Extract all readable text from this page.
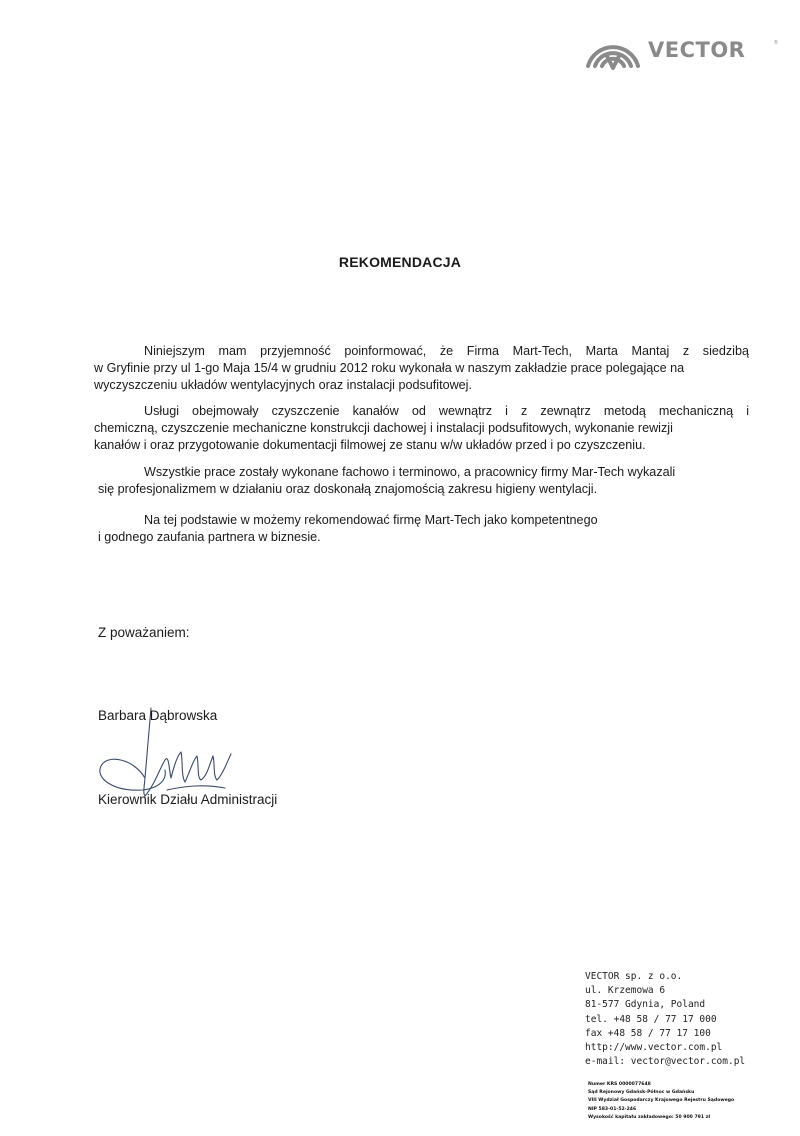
VECTOR	®
REKOMENDACJA
Niniejszym mam przyjemność poinformować, że Firma Mart-Tech, Marta Mantaj z siedzibą
w Gryfinie przy ul 1-go Maja 15/4 w grudniu 2012 roku wykonała w naszym zakładzie prace polegające na
wyczyszczeniu układów wentylacyjnych oraz instalacji podsufitowej.
Usługi obejmowały czyszczenie kanałów od wewnątrz i z zewnątrz metodą mechaniczną i
chemiczną, czyszczenie mechaniczne konstrukcji dachowej i instalacji podsufitowych, wykonanie rewizji
kanałów i oraz przygotowanie dokumentacji filmowej ze stanu w/w układów przed i po czyszczeniu.
Wszystkie prace zostały wykonane fachowo i terminowo, a pracownicy firmy Mar-Tech wykazali
się profesjonalizmem w działaniu oraz doskonałą znajomością zakresu higieny wentylacji.
Na tej podstawie w możemy rekomendować firmę Mart-Tech jako kompetentnego
i godnego zaufania partnera w biznesie.
Z poważaniem:
Barbara Dąbrowska
Kierownik Działu Administracji
VECTOR sp. z o.o.
ul. Krzemowa 6
81-577 Gdynia, Poland
tel. +48 58 / 77 17 000
fax +48 58 / 77 17 100
http://www.vector.com.pl
e-mail: vector@vector.com.pl
Numer KRS 0000077648
Sąd Rejonowy Gdańsk-Północ w Gdańsku
VIII Wydział Gospodarczy Krajowego Rejestru Sądowego
NIP 583-01-52-246
Wysokość kapitału zakładowego: 50 900 791 zł
